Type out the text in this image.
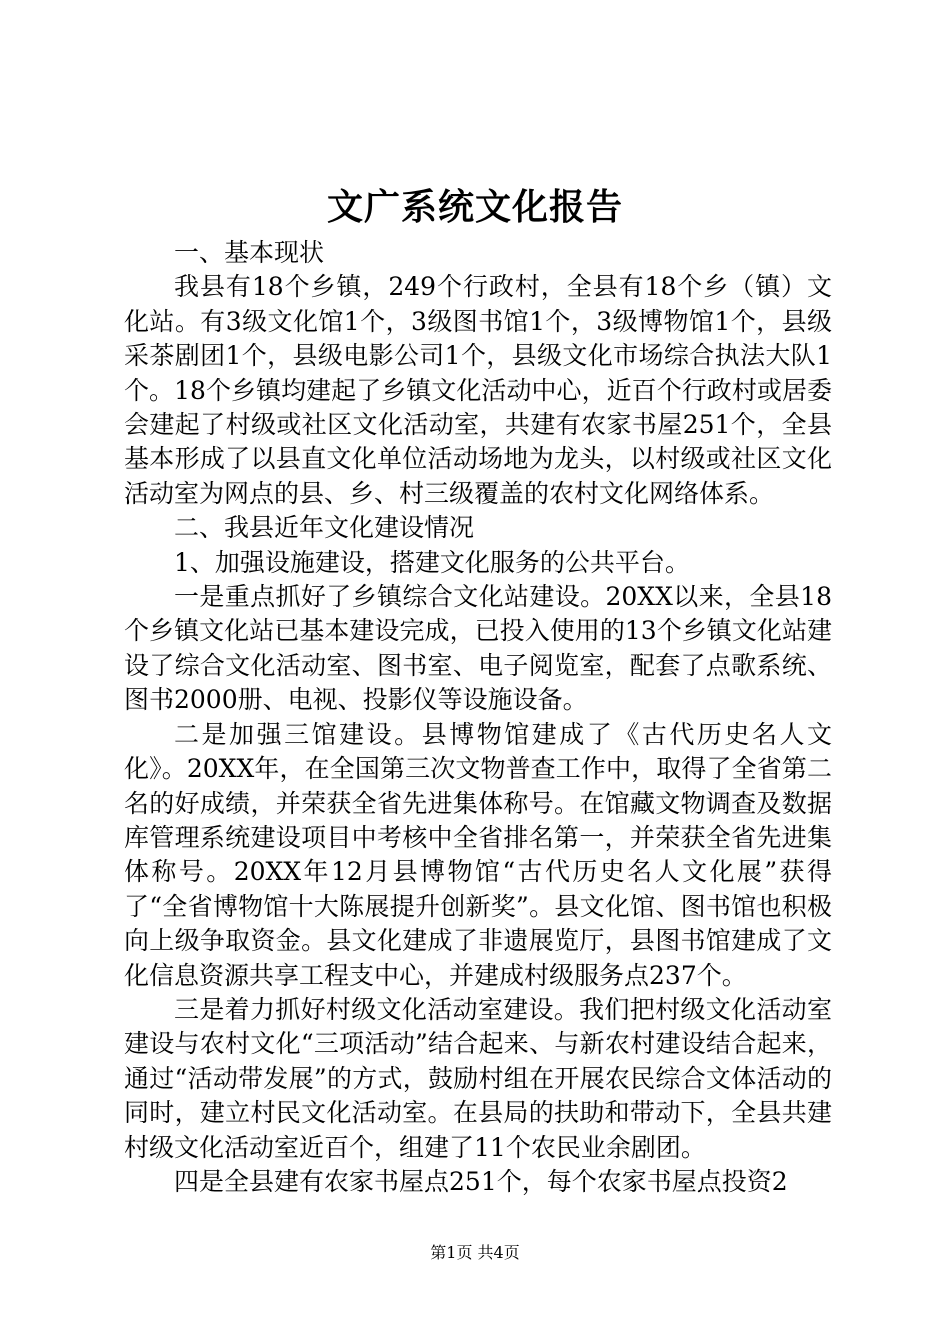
文广系统文化报告

一、基本现状

我县有18个乡镇，249个行政村，全县有18个乡（镇）文化站。有3级文化馆1个，3级图书馆1个，3级博物馆1个，县级采茶剧团1个，县级电影公司1个，县级文化市场综合执法大队1个。18个乡镇均建起了乡镇文化活动中心，近百个行政村或居委会建起了村级或社区文化活动室，共建有农家书屋251个，全县基本形成了以县直文化单位活动场地为龙头，以村级或社区文化活动室为网点的县、乡、村三级覆盖的农村文化网络体系。

二、我县近年文化建设情况

1、加强设施建设，搭建文化服务的公共平台。

一是重点抓好了乡镇综合文化站建设。20XX以来，全县18个乡镇文化站已基本建设完成，已投入使用的13个乡镇文化站建设了综合文化活动室、图书室、电子阅览室，配套了点歌系统、图书2000册、电视、投影仪等设施设备。

二是加强三馆建设。县博物馆建成了《古代历史名人文化》。20XX年，在全国第三次文物普查工作中，取得了全省第二名的好成绩，并荣获全省先进集体称号。在馆藏文物调查及数据库管理系统建设项目中考核中全省排名第一，并荣获全省先进集体称号。20XX年12月县博物馆“古代历史名人文化展”获得了“全省博物馆十大陈展提升创新奖”。县文化馆、图书馆也积极向上级争取资金。县文化建成了非遗展览厅，县图书馆建成了文化信息资源共享工程支中心，并建成村级服务点237个。

三是着力抓好村级文化活动室建设。我们把村级文化活动室建设与农村文化“三项活动”结合起来、与新农村建设结合起来，通过“活动带发展”的方式，鼓励村组在开展农民综合文体活动的同时，建立村民文化活动室。在县局的扶助和带动下，全县共建村级文化活动室近百个，组建了11个农民业余剧团。

四是全县建有农家书屋点251个，每个农家书屋点投资2

第1页 共4页
